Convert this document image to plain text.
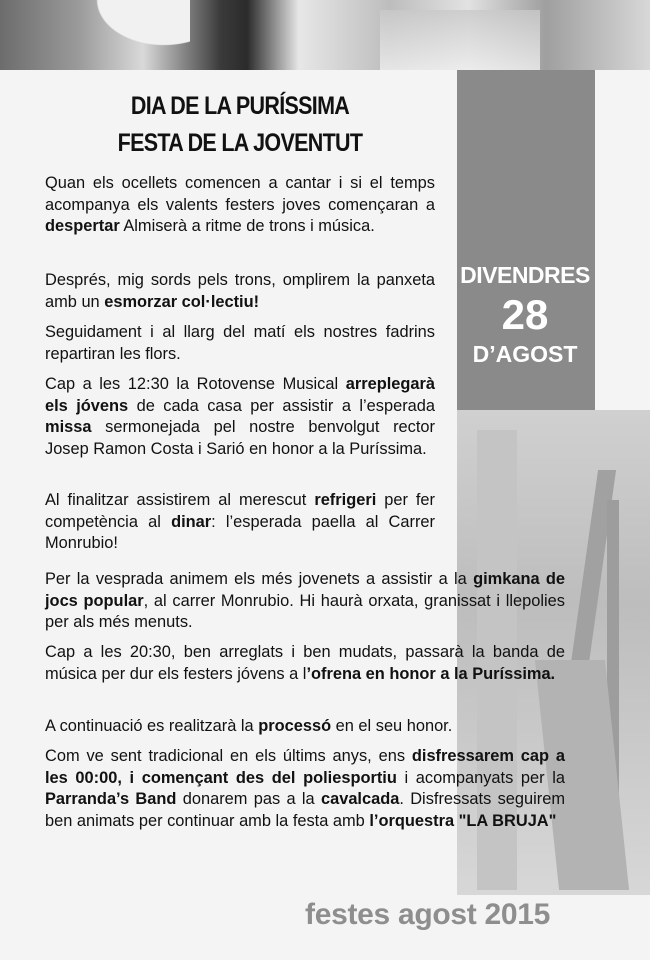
DIVENDRES
28
D’AGOST
DIA DE LA PURÍSSIMA
FESTA DE LA JOVENTUT

Quan els ocellets comencen a cantar i si el temps acompanya els valents festers joves començaran a despertar Almiserà a ritme de trons i música.

Després, mig sords pels trons, omplirem la panxeta amb un esmorzar col·lectiu!

Seguidament i al llarg del matí els nostres fadrins repartiran les flors.

Cap a les 12:30 la Rotovense Musical arreplegarà els jóvens de cada casa per assistir a l’esperada missa sermonejada pel nostre benvolgut rector Josep Ramon Costa i Sarió en honor a la Puríssima.

Al finalitzar assistirem al merescut refrigeri per fer competència al dinar: l’esperada paella al Carrer Monrubio!

Per la vesprada animem els més jovenets a assistir a la gimkana de jocs popular, al carrer Monrubio. Hi haurà orxata, granissat i llepolies per als més menuts.

Cap a les 20:30, ben arreglats i ben mudats, passarà la banda de música per dur els festers jóvens a l’ofrena en honor a la Puríssima.

A continuació es realitzarà la processó en el seu honor.

Com ve sent tradicional en els últims anys, ens disfressarem cap a les 00:00, i començant des del poliesportiu i acompanyats per la Parranda’s Band donarem pas a la cavalcada. Disfressats seguirem ben animats per continuar amb la festa amb l’orquestra "LA BRUJA"

festes agost 2015
